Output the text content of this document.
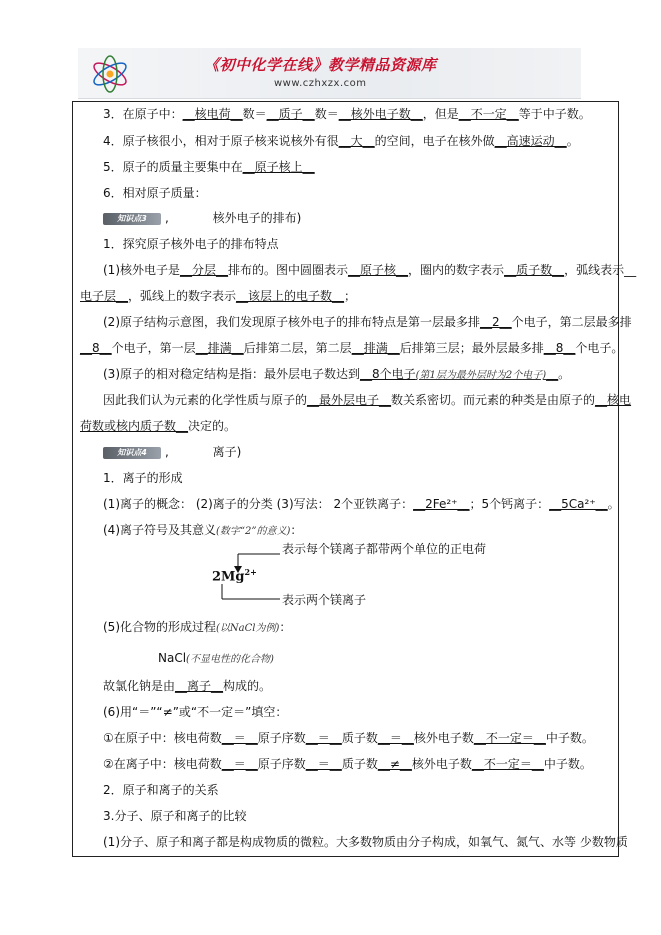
《初中化学在线》教学精品资源库
www.czhxzx.com
3．在原子中：__核电荷__数＝__质子__数＝__核外电子数__，但是__不一定__等于中子数。
4．原子核很小，相对于原子核来说核外有很__大__的空间，电子在核外做__高速运动__。
5．原子的质量主要集中在__原子核上__
6．相对原子质量：
知识点3 ,	核外电子的排布)
1．探究原子核外电子的排布特点
(1)核外电子是__分层__排布的。图中圆圈表示__原子核__，圈内的数字表示__质子数__，弧线表示__
电子层__，弧线上的数字表示__该层上的电子数__；
(2)原子结构示意图，我们发现原子核外电子的排布特点是第一层最多排__2__个电子，第二层最多排
__8__个电子，第一层__排满__后排第二层，第二层__排满__后排第三层；最外层最多排__8__个电子。
(3)原子的相对稳定结构是指：最外层电子数达到__8个电子(第1层为最外层时为2个电子)__。
因此我们认为元素的化学性质与原子的__最外层电子__数关系密切。而元素的种类是由原子的__核电
荷数或核内质子数__决定的。
知识点4 ,	离子)
1．离子的形成
(1)离子的概念： (2)离子的分类 (3)写法： 2个亚铁离子：__2Fe²⁺__；5个钙离子：__5Ca²⁺__。
(4)离子符号及其意义(数字“2”的意义)：
$2Mg^{2+}$
表示每个镁离子都带两个单位的正电荷
表示两个镁离子
(5)化合物的形成过程(以NaCl为例)：
NaCl(不显电性的化合物)
故氯化钠是由__离子__构成的。
(6)用“＝”“≠”或“不一定＝”填空：
①在原子中：核电荷数__＝__原子序数__＝__质子数__＝__核外电子数__不一定＝__中子数。
②在离子中：核电荷数__＝__原子序数__＝__质子数__≠__核外电子数__不一定＝__中子数。
2．原子和离子的关系
3.分子、原子和离子的比较
(1)分子、原子和离子都是构成物质的微粒。大多数物质由分子构成，如氧气、氮气、水等 少数物质
